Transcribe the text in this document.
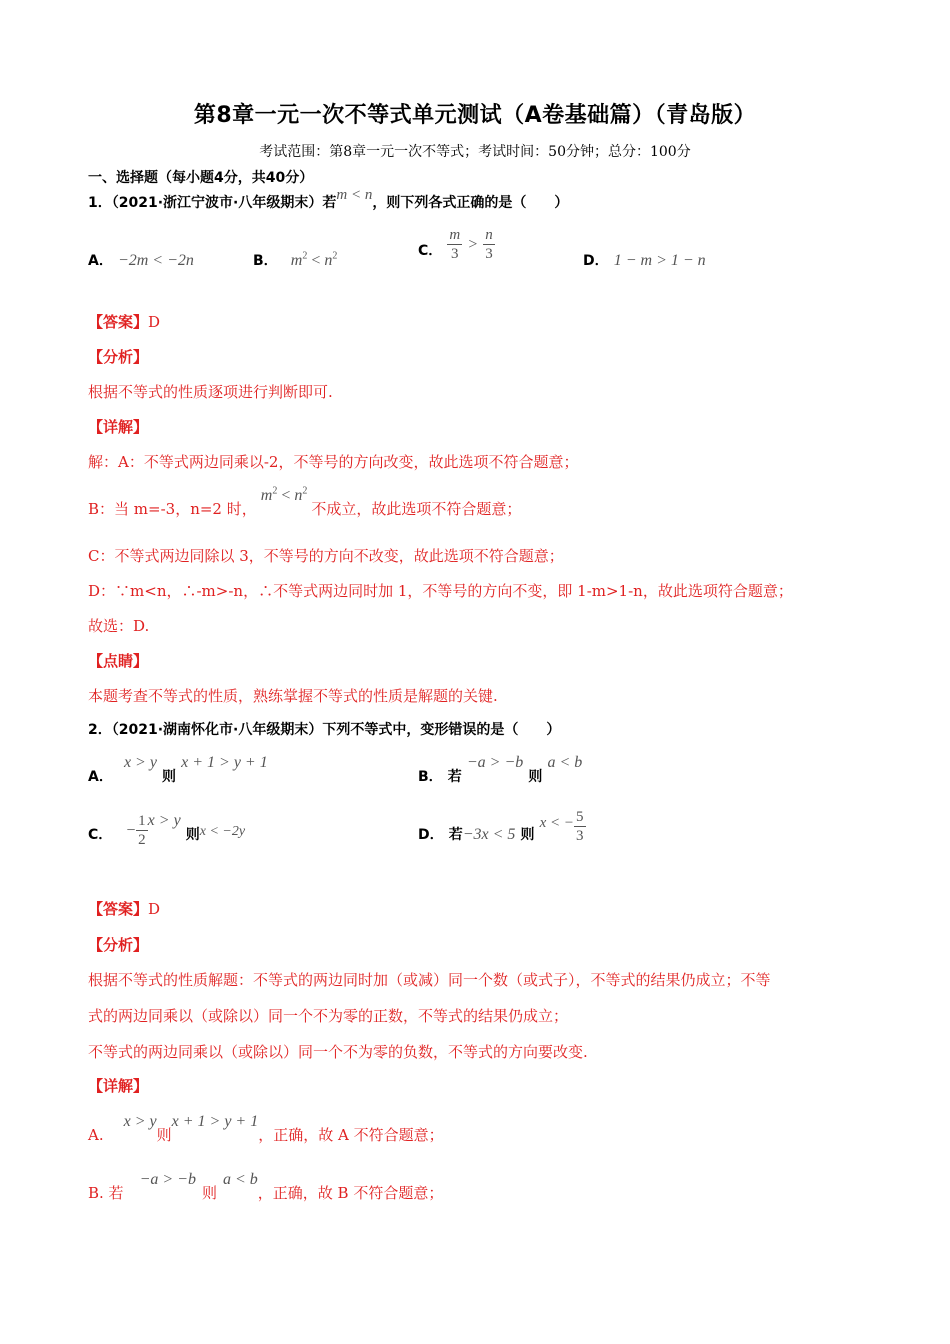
第8章一元一次不等式单元测试（A卷基础篇）（青岛版）
考试范围：第8章一元一次不等式；考试时间：50分钟；总分：100分
一、选择题（每小题4分，共40分）
1．（2021·浙江宁波市·八年级期末）若m < n，则下列各式正确的是（　　）
A． −2m < −2n	B． $m^2 < n^2$	C． $\frac{m}{3} > \frac{n}{3}$	D． 1 − m > 1 − n
【答案】D
【分析】
根据不等式的性质逐项进行判断即可.
【详解】
解：A：不等式两边同乘以-2，不等号的方向改变，故此选项不符合题意；
B：当 m=-3，n=2 时，$m^2 < n^2$不成立，故此选项不符合题意；
C：不等式两边同除以 3，不等号的方向不改变，故此选项不符合题意；
D：∵m<n，∴-m>-n，∴不等式两边同时加 1，不等号的方向不变，即 1-m>1-n，故此选项符合题意；
故选：D.
【点睛】
本题考查不等式的性质，熟练掌握不等式的性质是解题的关键.
2．（2021·湖南怀化市·八年级期末）下列不等式中，变形错误的是（　　）
A． x > y 则 x + 1 > y + 1
B． 若 −a > −b 则 a < b
C． − $\frac{1}{2}$ x > y 则x < −2y	D． 若−3x < 5 则 x < − $\frac{5}{3}$
【答案】D
【分析】
根据不等式的性质解题：不等式的两边同时加（或减）同一个数（或式子），不等式的结果仍成立；不等
式的两边同乘以（或除以）同一个不为零的正数，不等式的结果仍成立；
不等式的两边同乘以（或除以）同一个不为零的负数，不等式的方向要改变.
【详解】
A.x > y则x + 1 > y + 1，正确，故 A 不符合题意；
B. 若−a > −b则a < b，正确，故 B 不符合题意；
